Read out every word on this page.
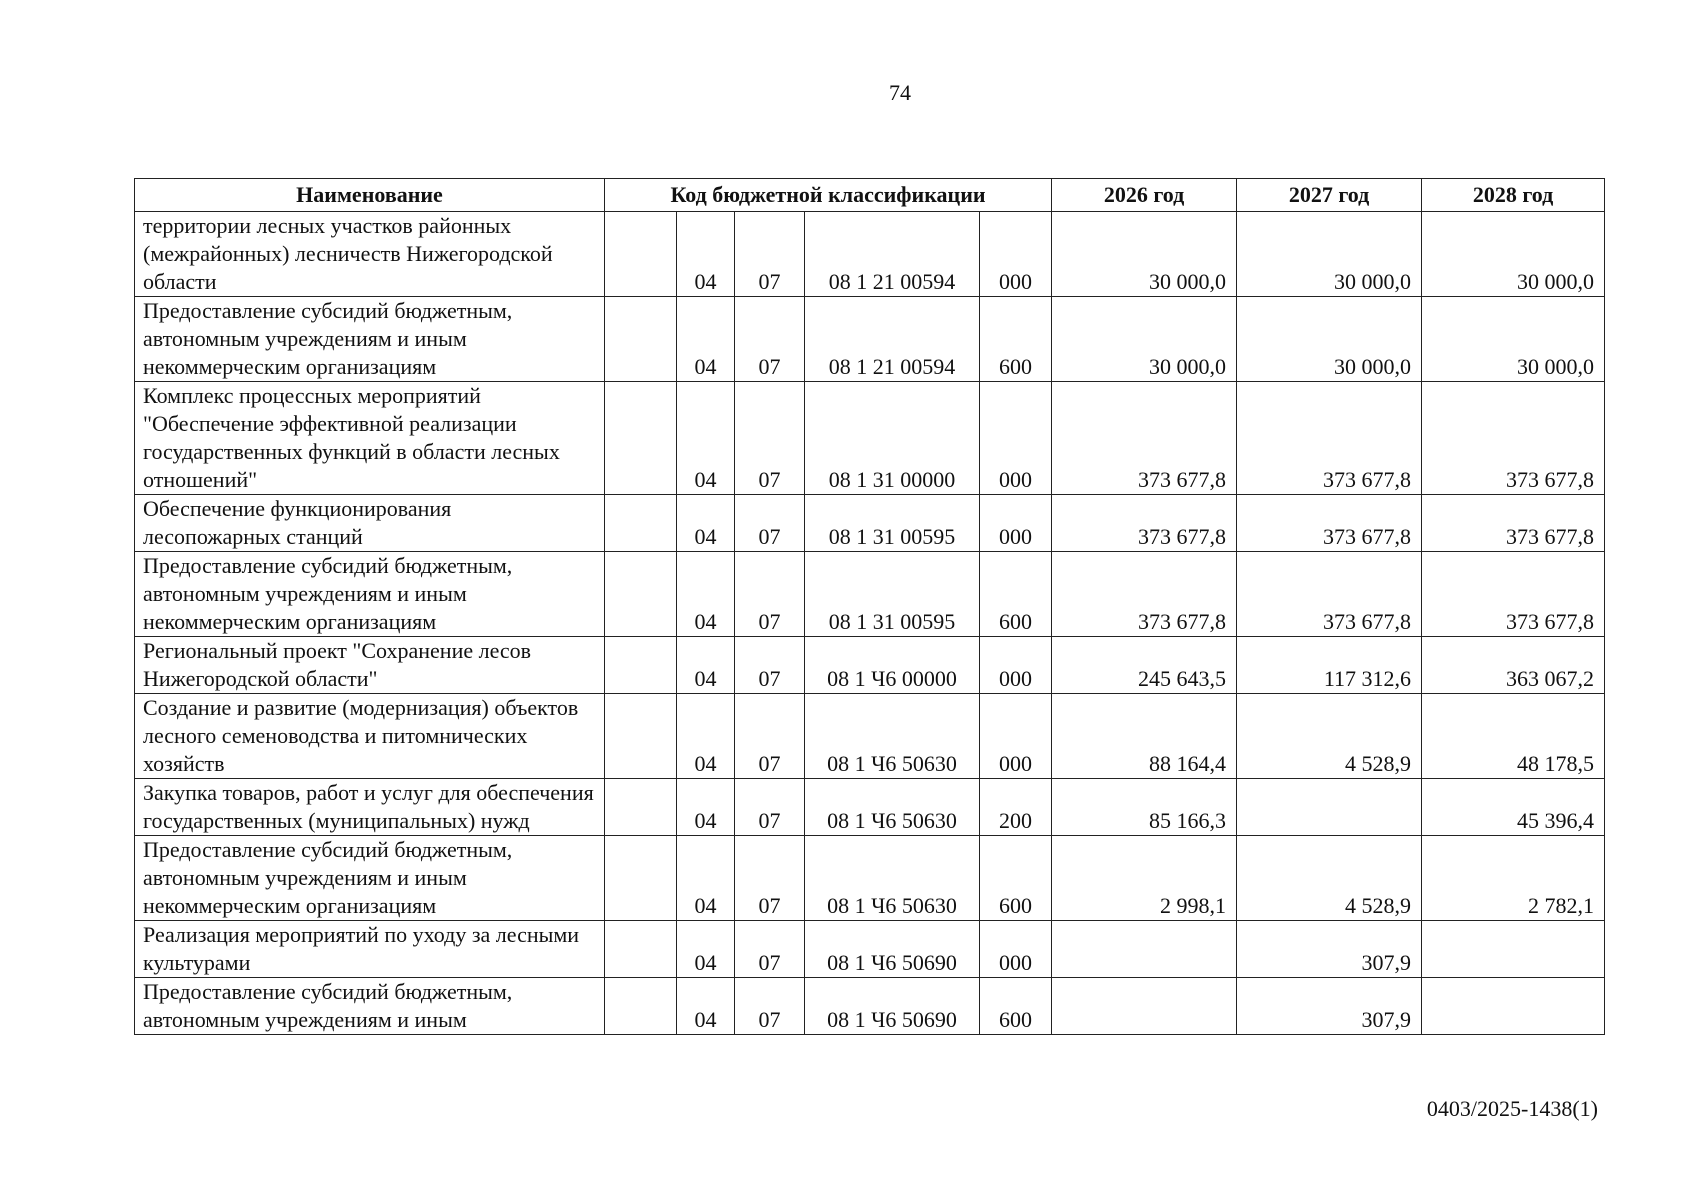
74
Наименование	Код бюджетной классификации					2026 год	2027 год	2028 год
территории лесных участков районных (межрайонных) лесничеств Нижегородской области		04	07	08 1 21 00594	000	30 000,0	30 000,0	30 000,0
Предоставление субсидий бюджетным, автономным учреждениям и иным некоммерческим организациям		04	07	08 1 21 00594	600	30 000,0	30 000,0	30 000,0
Комплекс процессных мероприятий "Обеспечение эффективной реализации государственных функций в области лесных отношений"		04	07	08 1 31 00000	000	373 677,8	373 677,8	373 677,8
Обеспечение функционирования лесопожарных станций		04	07	08 1 31 00595	000	373 677,8	373 677,8	373 677,8
Предоставление субсидий бюджетным, автономным учреждениям и иным некоммерческим организациям		04	07	08 1 31 00595	600	373 677,8	373 677,8	373 677,8
Региональный проект "Сохранение лесов Нижегородской области"		04	07	08 1 Ч6 00000	000	245 643,5	117 312,6	363 067,2
Создание и развитие (модернизация) объектов лесного семеноводства и питомнических хозяйств		04	07	08 1 Ч6 50630	000	88 164,4	4 528,9	48 178,5
Закупка товаров, работ и услуг для обеспечения государственных (муниципальных) нужд		04	07	08 1 Ч6 50630	200	85 166,3		45 396,4
Предоставление субсидий бюджетным, автономным учреждениям и иным некоммерческим организациям		04	07	08 1 Ч6 50630	600	2 998,1	4 528,9	2 782,1
Реализация мероприятий по уходу за лесными культурами		04	07	08 1 Ч6 50690	000		307,9	
Предоставление субсидий бюджетным, автономным учреждениям и иным		04	07	08 1 Ч6 50690	600		307,9	
0403/2025-1438(1)
